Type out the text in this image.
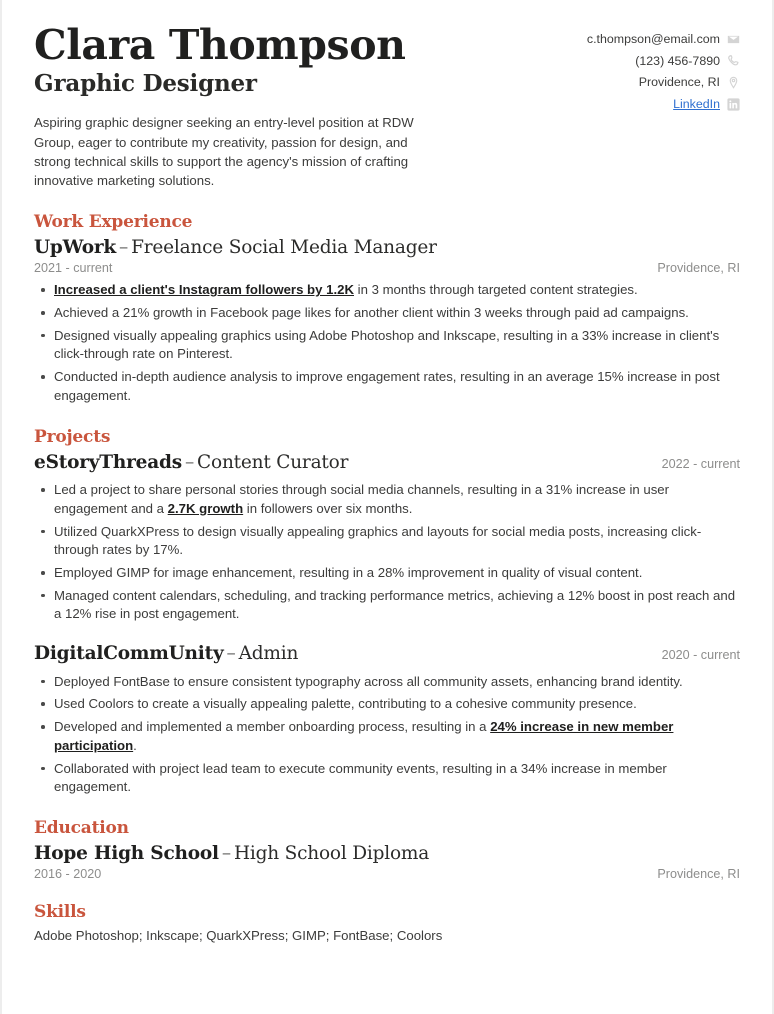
Clara Thompson
Graphic Designer

Aspiring graphic designer seeking an entry-level position at RDW Group, eager to contribute my creativity, passion for design, and strong technical skills to support the agency's mission of crafting innovative marketing solutions.

c.thompson@email.com
(123) 456-7890
Providence, RI
LinkedIn
Work Experience
UpWork – Freelance Social Media Manager
2021 - current	Providence, RI
Increased a client's Instagram followers by 1.2K in 3 months through targeted content strategies.
Achieved a 21% growth in Facebook page likes for another client within 3 weeks through paid ad campaigns.
Designed visually appealing graphics using Adobe Photoshop and Inkscape, resulting in a 33% increase in client's click-through rate on Pinterest.
Conducted in-depth audience analysis to improve engagement rates, resulting in an average 15% increase in post engagement.
Projects
eStoryThreads – Content Curator	2022 - current
Led a project to share personal stories through social media channels, resulting in a 31% increase in user engagement and a 2.7K growth in followers over six months.
Utilized QuarkXPress to design visually appealing graphics and layouts for social media posts, increasing click-through rates by 17%.
Employed GIMP for image enhancement, resulting in a 28% improvement in quality of visual content.
Managed content calendars, scheduling, and tracking performance metrics, achieving a 12% boost in post reach and a 12% rise in post engagement.
DigitalCommUnity – Admin	2020 - current
Deployed FontBase to ensure consistent typography across all community assets, enhancing brand identity.
Used Coolors to create a visually appealing palette, contributing to a cohesive community presence.
Developed and implemented a member onboarding process, resulting in a 24% increase in new member participation.
Collaborated with project lead team to execute community events, resulting in a 34% increase in member engagement.
Education
Hope High School – High School Diploma
2016 - 2020	Providence, RI
Skills

Adobe Photoshop; Inkscape; QuarkXPress; GIMP; FontBase; Coolors
